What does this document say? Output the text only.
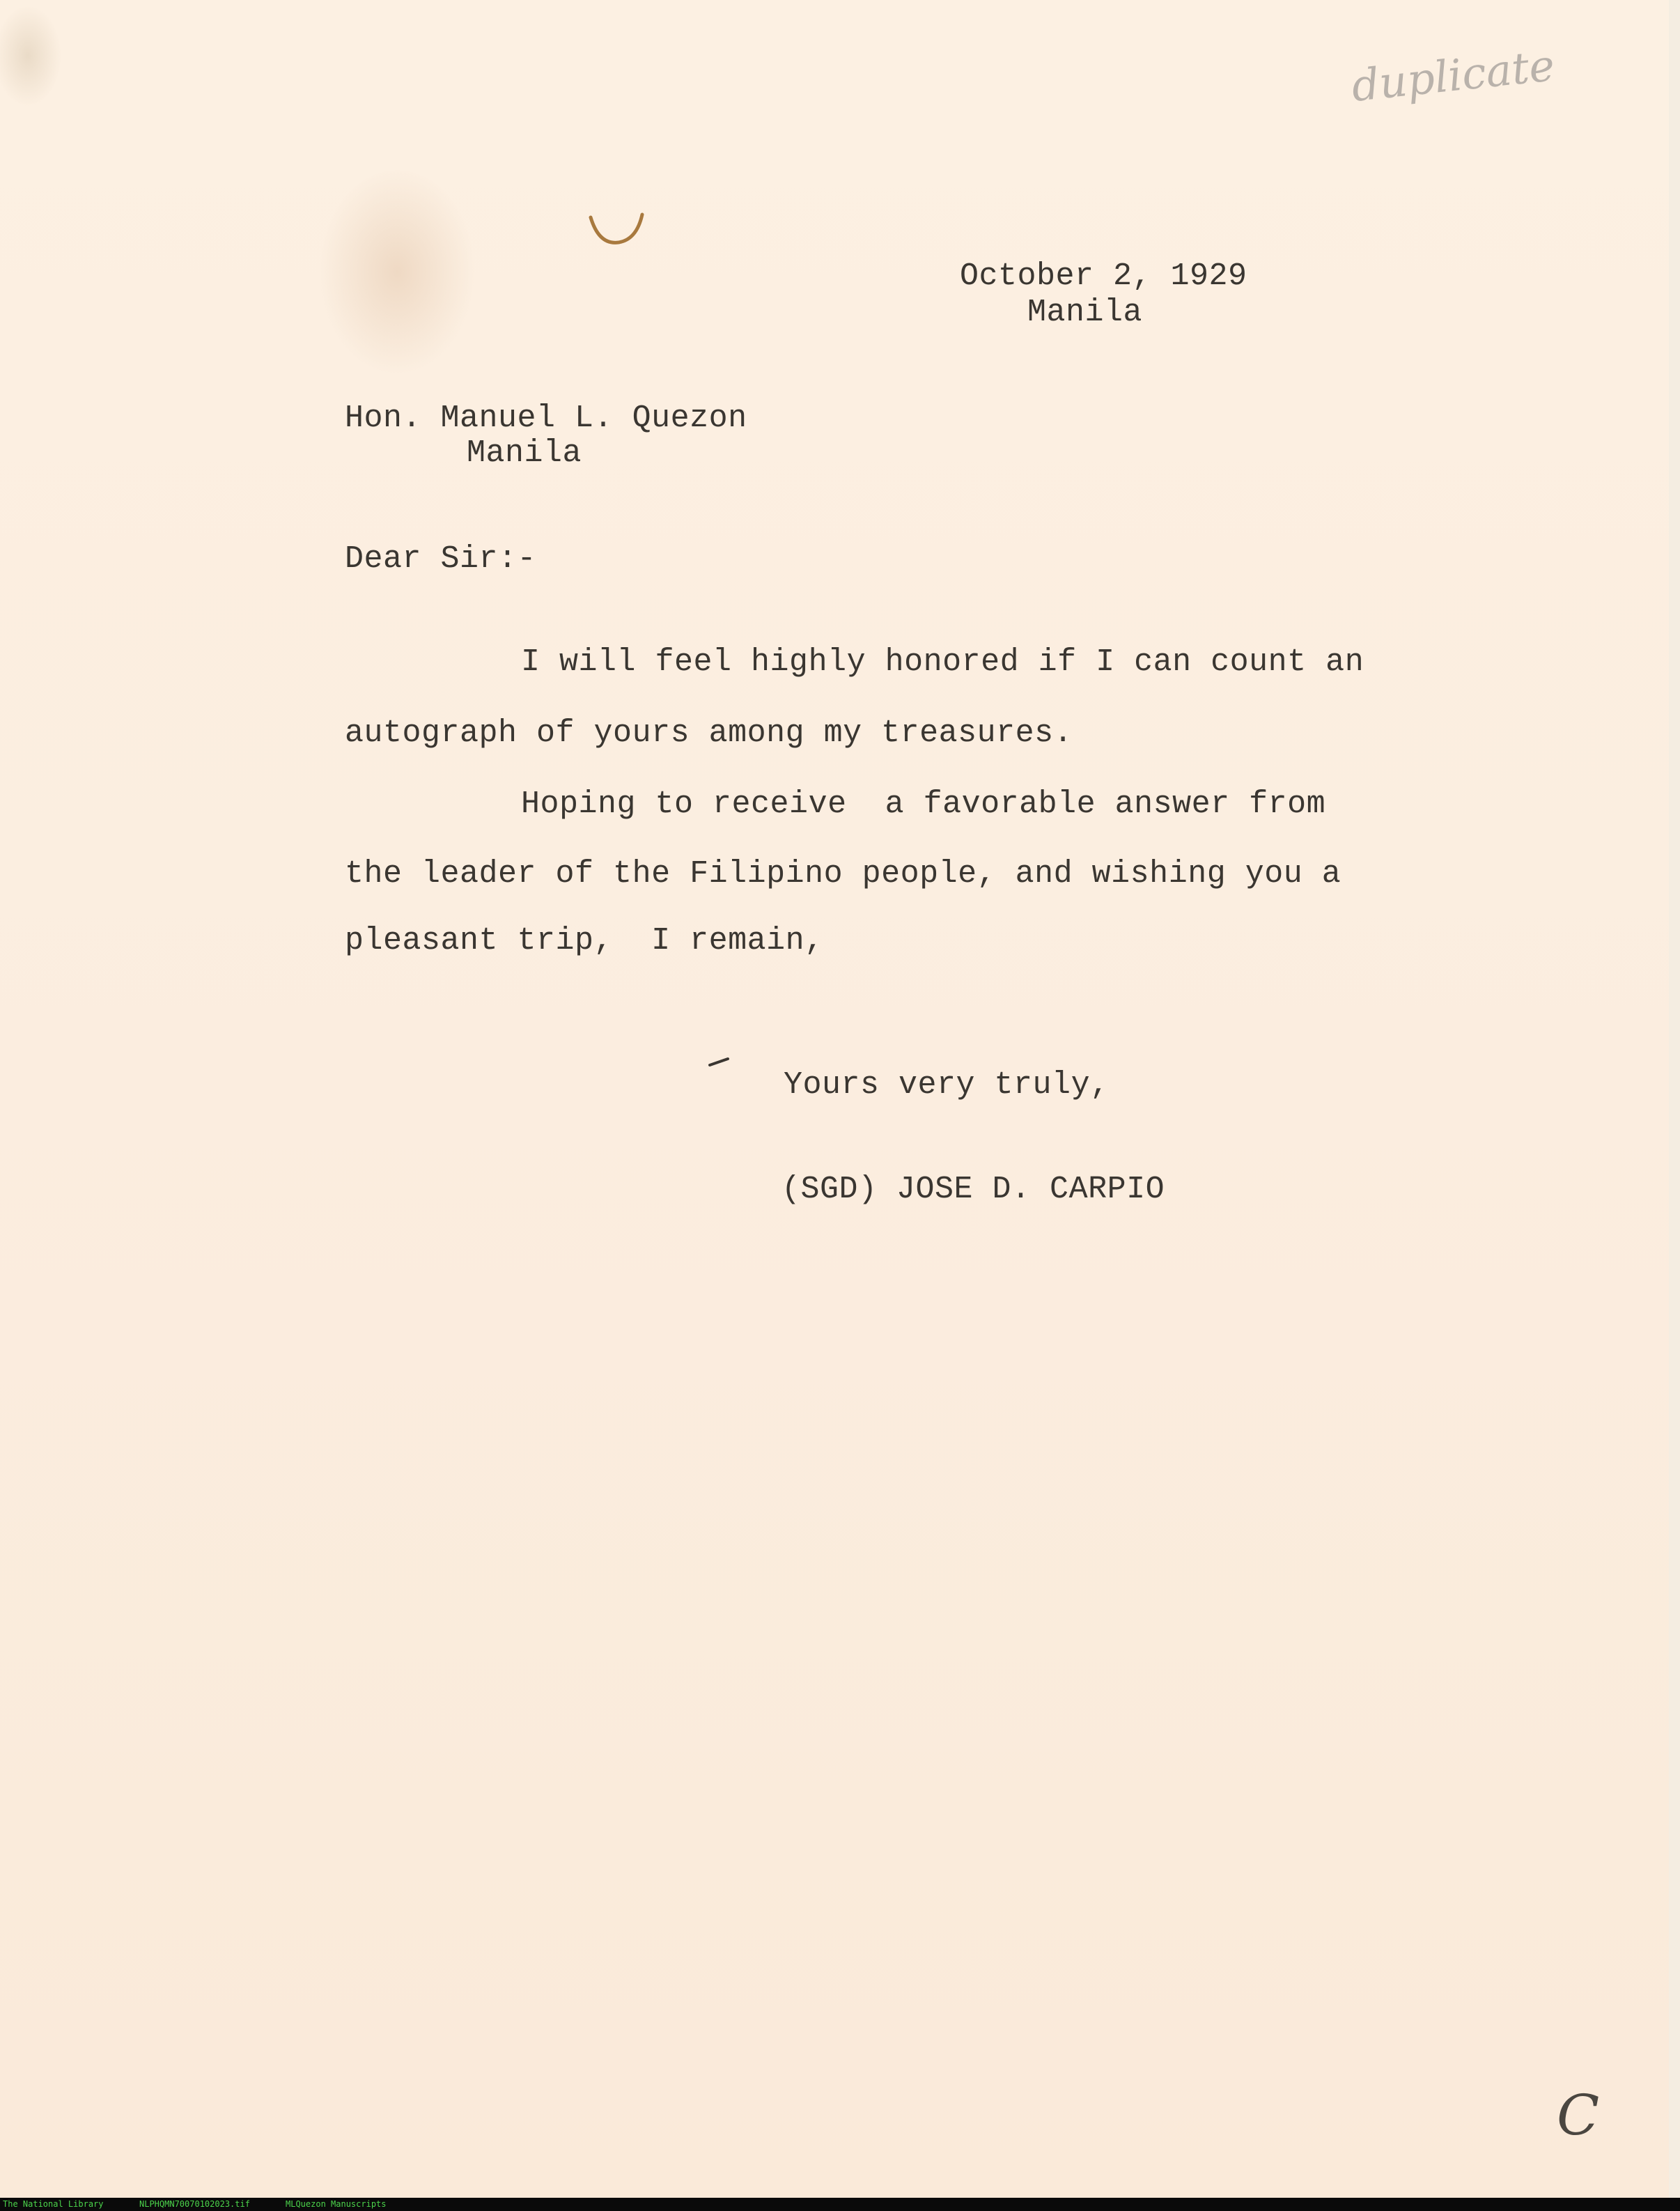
duplicate
October 2, 1929
Manila
Hon. Manuel L. Quezon
Manila
Dear Sir:-
I will feel highly honored if I can count an
autograph of yours among my treasures.
Hoping to receive  a favorable answer from
the leader of the Filipino people, and wishing you a
pleasant trip,  I remain,
Yours very truly,
(SGD) JOSE D. CARPIO
C
The National Library	NLPHQMN70070102023.tif	MLQuezon Manuscripts
